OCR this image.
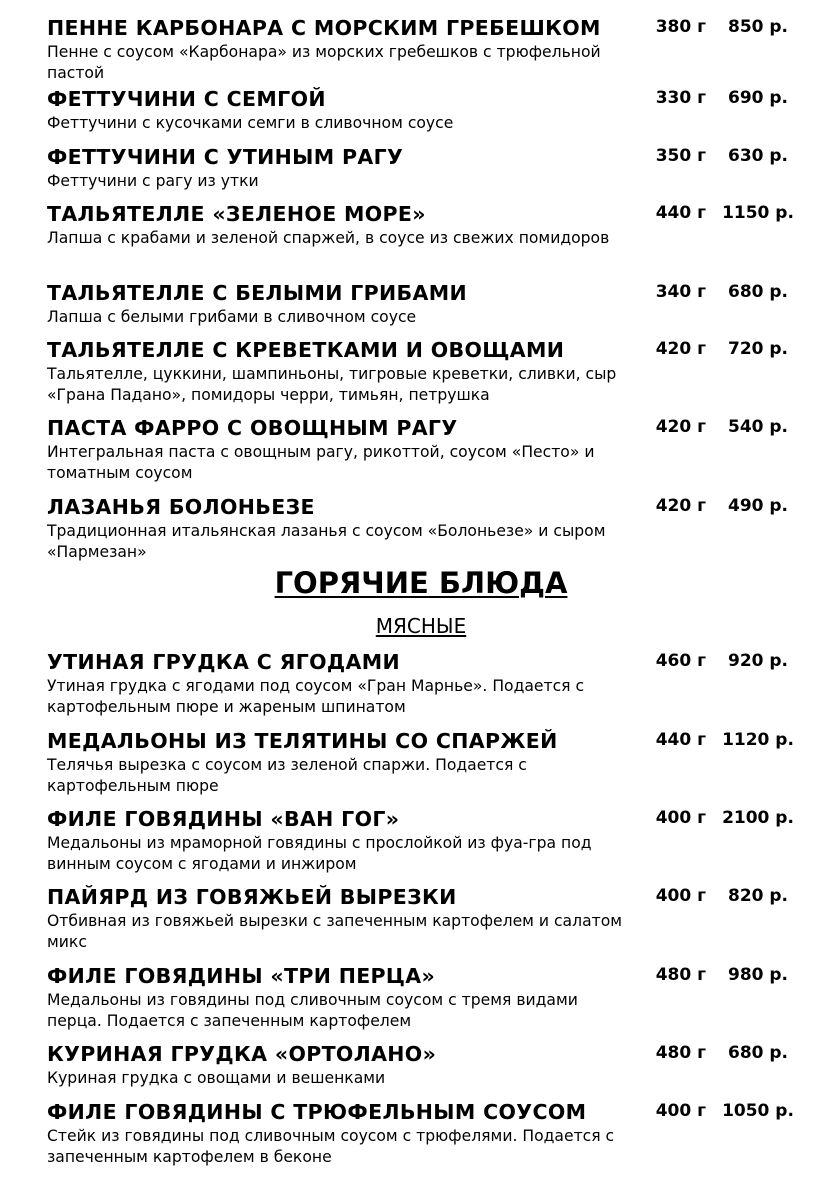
ПЕННЕ КАРБОНАРА С МОРСКИМ ГРЕБЕШКОМ	380 г	850 р.
Пенне с соусом «Карбонара» из морских гребешков с трюфельной пастой
ФЕТТУЧИНИ С СЕМГОЙ	330 г	690 р.
Феттучини с кусочками семги в сливочном соусе
ФЕТТУЧИНИ С УТИНЫМ РАГУ	350 г	630 р.
Феттучини с рагу из утки
ТАЛЬЯТЕЛЛЕ «ЗЕЛЕНОЕ МОРЕ»	440 г 1150 р.
Лапша с крабами и зеленой спаржей, в соусе из свежих помидоров
ТАЛЬЯТЕЛЛЕ С БЕЛЫМИ ГРИБАМИ	340 г	680 р.
Лапша с белыми грибами в сливочном соусе
ТАЛЬЯТЕЛЛЕ С КРЕВЕТКАМИ И ОВОЩАМИ	420 г	720 р.
Тальятелле, цуккини, шампиньоны, тигровые креветки, сливки, сыр «Грана Падано», помидоры черри, тимьян, петрушка
ПАСТА ФАРРО С ОВОЩНЫМ РАГУ	420 г	540 р.
Интегральная паста с овощным рагу, рикоттой, соусом «Песто» и томатным соусом
ЛАЗАНЬЯ БОЛОНЬЕЗЕ	420 г	490 р.
Традиционная итальянская лазанья с соусом «Болоньезе» и сыром «Пармезан»
ГОРЯЧИЕ БЛЮДА
МЯСНЫЕ
УТИНАЯ ГРУДКА С ЯГОДАМИ	460 г	920 р.
Утиная грудка с ягодами под соусом «Гран Марнье». Подается с картофельным пюре и жареным шпинатом
МЕДАЛЬОНЫ ИЗ ТЕЛЯТИНЫ СО СПАРЖЕЙ	440 г 1120 р.
Телячья вырезка с соусом из зеленой спаржи. Подается с картофельным пюре
ФИЛЕ ГОВЯДИНЫ «ВАН ГОГ»	400 г 2100 р.
Медальоны из мраморной говядины с прослойкой из фуа-гра под винным соусом с ягодами и инжиром
ПАЙЯРД ИЗ ГОВЯЖЬЕЙ ВЫРЕЗКИ	400 г	820 р.
Отбивная из говяжьей вырезки с запеченным картофелем и салатом микс
ФИЛЕ ГОВЯДИНЫ «ТРИ ПЕРЦА»	480 г	980 р.
Медальоны из говядины под сливочным соусом с тремя видами перца. Подается с запеченным картофелем
КУРИНАЯ ГРУДКА «ОРТОЛАНО»	480 г	680 р.
Куриная грудка с овощами и вешенками
ФИЛЕ ГОВЯДИНЫ С ТРЮФЕЛЬНЫМ СОУСОМ	400 г 1050 р.
Стейк из говядины под сливочным соусом с трюфелями. Подается с запеченным картофелем в беконе
